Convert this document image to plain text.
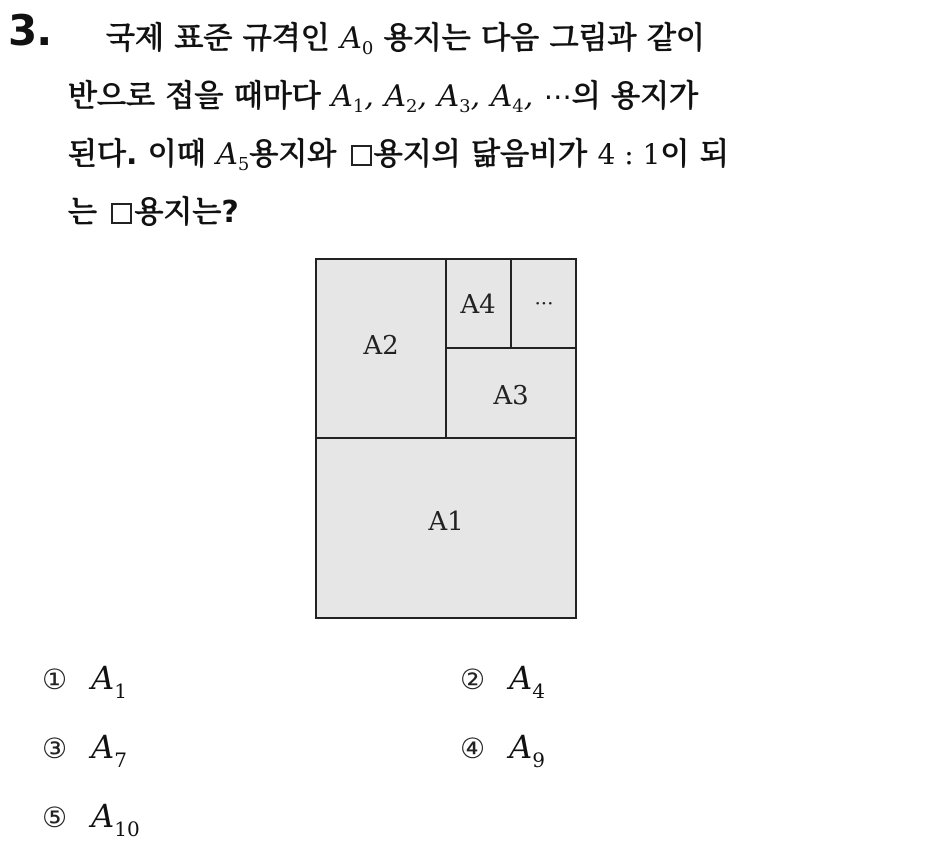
3.	국제 표준 규격인 $A_0$ 용지는 다음 그림과 같이
반으로 접을 때마다 $A_1$, $A_2$, $A_3$, $A_4$, ⋯의 용지가
된다. 이때 $A_5$용지와 용지의 닮음비가 4 : 1이 되
는 용지는?
A1
A2
A3
A4 ···
① $A_1$	② $A_4$
③ $A_7$	④ $A_9$
⑤ $A_{10}$
